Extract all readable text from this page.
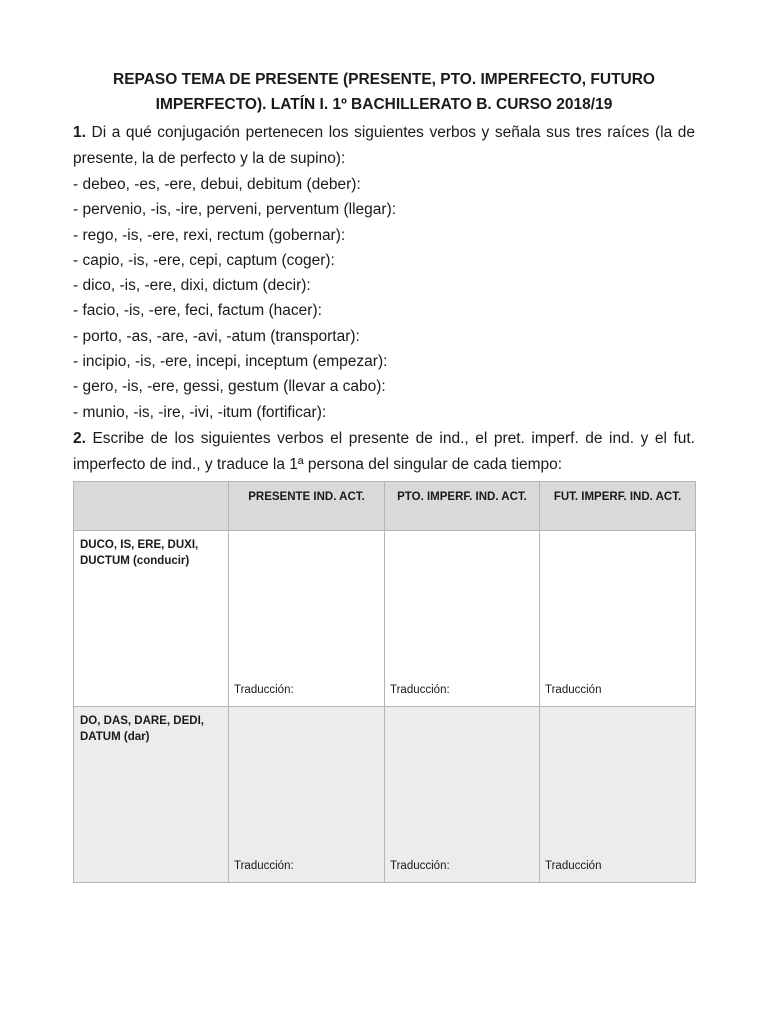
REPASO TEMA DE PRESENTE (PRESENTE, PTO. IMPERFECTO, FUTURO
IMPERFECTO). LATÍN I. 1º BACHILLERATO B. CURSO 2018/19
1. Di a qué conjugación pertenecen los siguientes verbos y señala sus tres raíces (la de presente, la de perfecto y la de supino):
- debeo, -es, -ere, debui, debitum (deber):
- pervenio, -is, -ire, perveni, perventum (llegar):
- rego, -is, -ere, rexi, rectum (gobernar):
- capio, -is, -ere, cepi, captum (coger):
- dico, -is, -ere, dixi, dictum (decir):
- facio, -is, -ere, feci, factum (hacer):
- porto, -as, -are, -avi, -atum (transportar):
- incipio, -is, -ere, incepi, inceptum (empezar):
- gero, -is, -ere, gessi, gestum (llevar a cabo):
- munio, -is, -ire, -ivi, -itum (fortificar):
2. Escribe de los siguientes verbos el presente de ind., el pret. imperf. de ind. y el fut. imperfecto de ind., y traduce la 1ª persona del singular de cada tiempo:
	PRESENTE IND. ACT.	PTO. IMPERF. IND. ACT.	FUT. IMPERF. IND. ACT.
DUCO, IS, ERE, DUXI, DUCTUM (conducir)	Traducción:	Traducción:	Traducción

DO, DAS, DARE, DEDI, DATUM (dar)	Traducción:	Traducción:	Traducción
